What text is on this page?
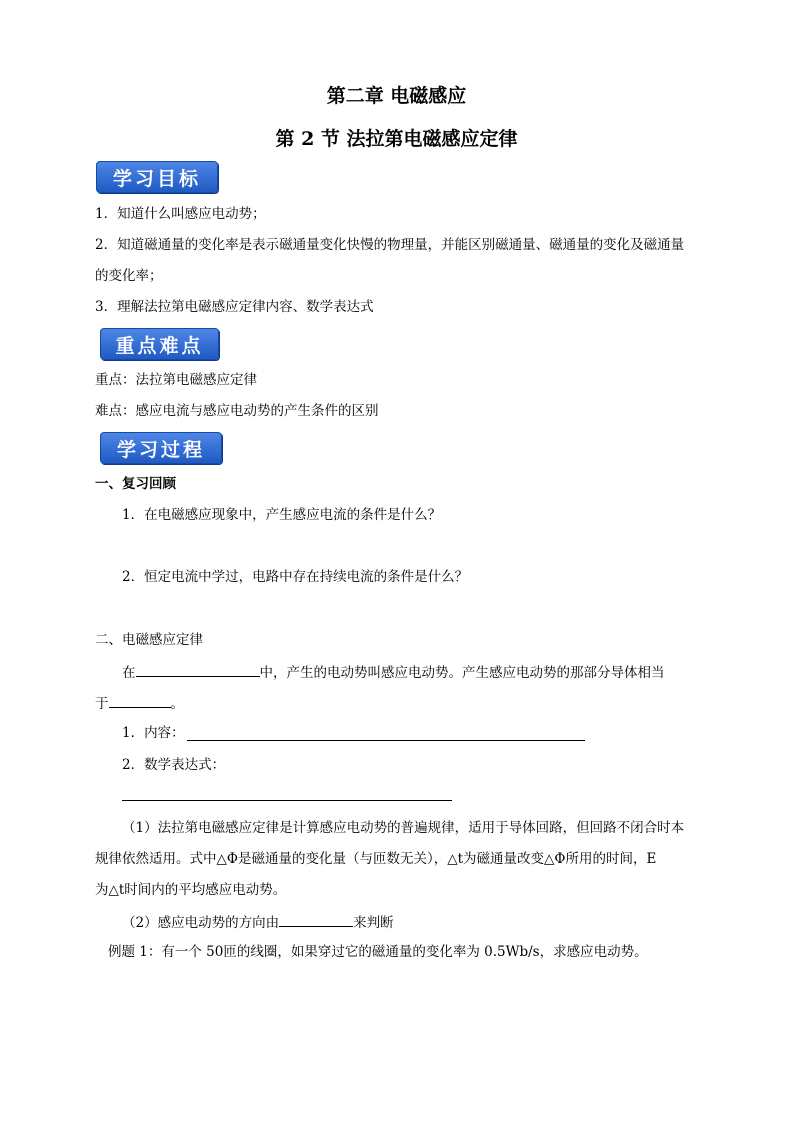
第二章 电磁感应
第 2 节 法拉第电磁感应定律
学习目标
1．知道什么叫感应电动势；
2．知道磁通量的变化率是表示磁通量变化快慢的物理量，并能区别磁通量、磁通量的变化及磁通量
的变化率；
3．理解法拉第电磁感应定律内容、数学表达式
重点难点
重点：法拉第电磁感应定律
难点：感应电流与感应电动势的产生条件的区别
学习过程
一、复习回顾
1．在电磁感应现象中，产生感应电流的条件是什么？
2．恒定电流中学过，电路中存在持续电流的条件是什么？
二、电磁感应定律
在	中，产生的电动势叫感应电动势。产生感应电动势的那部分导体相当
于	。
1．内容：
2．数学表达式：
（1）法拉第电磁感应定律是计算感应电动势的普遍规律，适用于导体回路，但回路不闭合时本
规律依然适用。式中△Φ是磁通量的变化量（与匝数无关），△t为磁通量改变△Φ所用的时间，E
为△t时间内的平均感应电动势。
（2）感应电动势的方向由	来判断
例题 1：有一个 50匝的线圈，如果穿过它的磁通量的变化率为 0.5Wb/s，求感应电动势。
